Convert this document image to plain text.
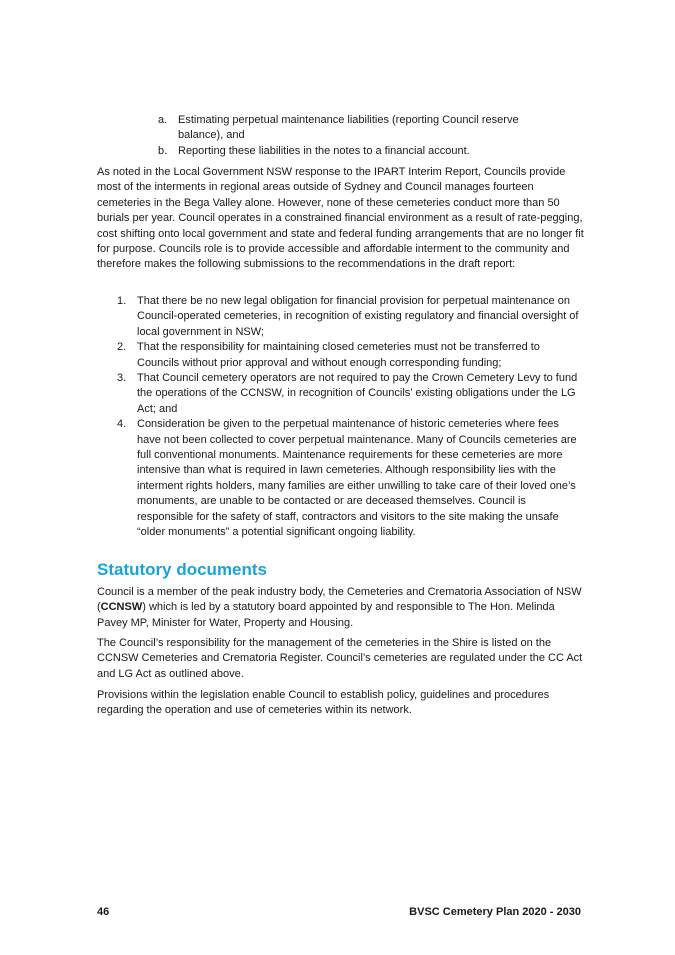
a. Estimating perpetual maintenance liabilities (reporting Council reserve balance), and
b. Reporting these liabilities in the notes to a financial account.

As noted in the Local Government NSW response to the IPART Interim Report, Councils provide most of the interments in regional areas outside of Sydney and Council manages fourteen cemeteries in the Bega Valley alone. However, none of these cemeteries conduct more than 50 burials per year. Council operates in a constrained financial environment as a result of rate-pegging, cost shifting onto local government and state and federal funding arrangements that are no longer fit for purpose. Councils role is to provide accessible and affordable interment to the community and therefore makes the following submissions to the recommendations in the draft report:

1. That there be no new legal obligation for financial provision for perpetual maintenance on Council-operated cemeteries, in recognition of existing regulatory and financial oversight of local government in NSW;
2. That the responsibility for maintaining closed cemeteries must not be transferred to Councils without prior approval and without enough corresponding funding;
3. That Council cemetery operators are not required to pay the Crown Cemetery Levy to fund the operations of the CCNSW, in recognition of Councils’ existing obligations under the LG Act; and
4. Consideration be given to the perpetual maintenance of historic cemeteries where fees have not been collected to cover perpetual maintenance. Many of Councils cemeteries are full conventional monuments. Maintenance requirements for these cemeteries are more intensive than what is required in lawn cemeteries. Although responsibility lies with the interment rights holders, many families are either unwilling to take care of their loved one’s monuments, are unable to be contacted or are deceased themselves. Council is responsible for the safety of staff, contractors and visitors to the site making the unsafe “older monuments” a potential significant ongoing liability.
Statutory documents

Council is a member of the peak industry body, the Cemeteries and Crematoria Association of NSW (CCNSW) which is led by a statutory board appointed by and responsible to The Hon. Melinda Pavey MP, Minister for Water, Property and Housing.

The Council’s responsibility for the management of the cemeteries in the Shire is listed on the CCNSW Cemeteries and Crematoria Register. Council’s cemeteries are regulated under the CC Act and LG Act as outlined above.

Provisions within the legislation enable Council to establish policy, guidelines and procedures regarding the operation and use of cemeteries within its network.

46	BVSC Cemetery Plan 2020 - 2030
